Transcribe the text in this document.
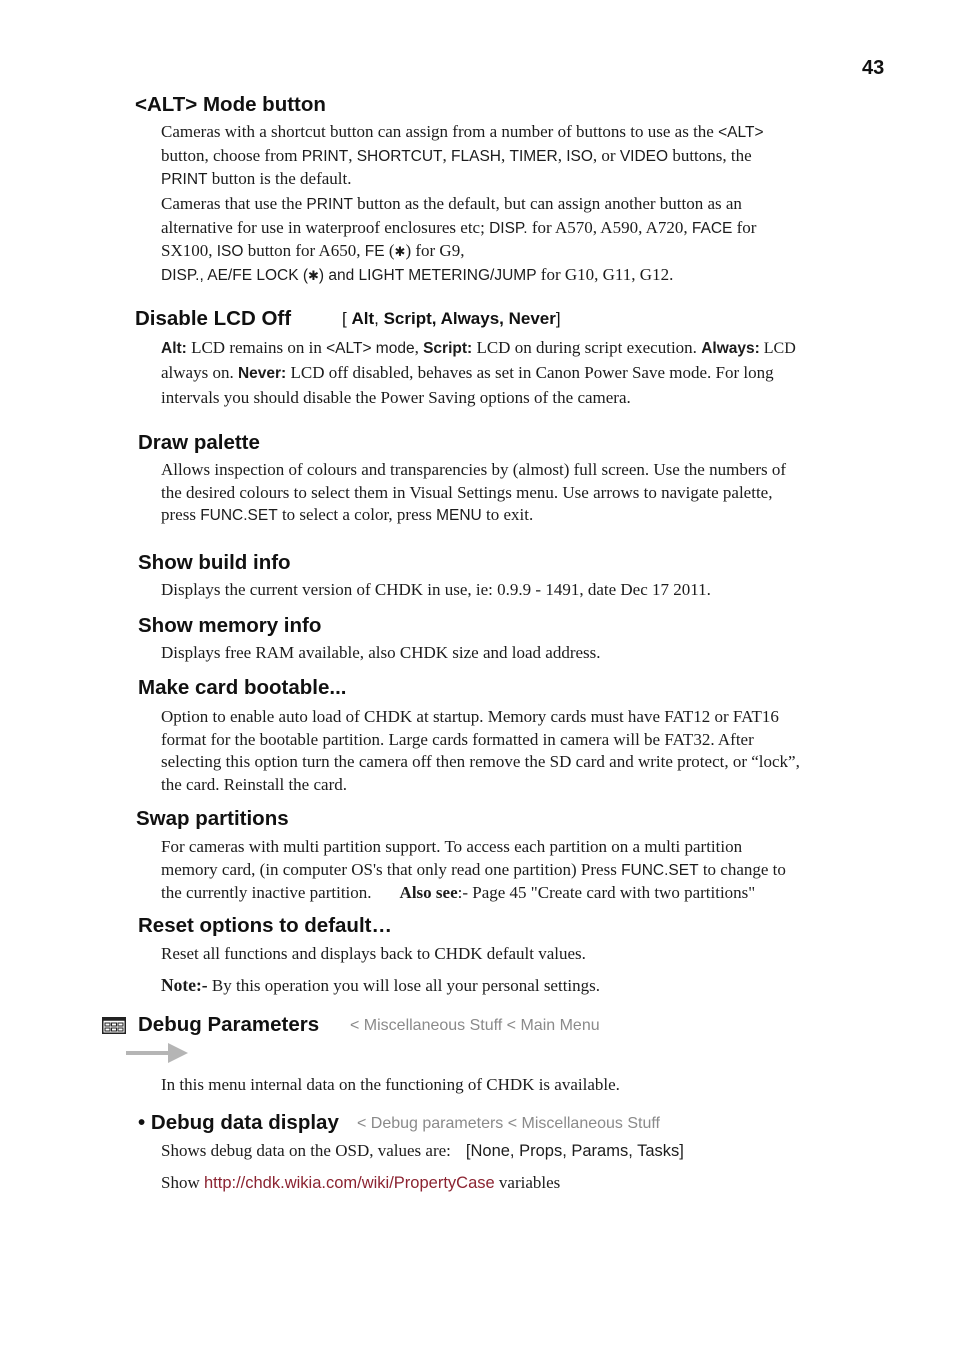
43
<ALT> Mode button
Cameras with a shortcut button can assign from a number of buttons to use as the <ALT>
button, choose from PRINT, SHORTCUT, FLASH, TIMER, ISO, or VIDEO buttons, the
PRINT button is the default.
Cameras that use the PRINT button as the default, but can assign another button as an
alternative for use in waterproof enclosures etc; DISP. for A570, A590, A720, FACE for
SX100, ISO button for A650, FE (✱) for G9,
DISP., AE/FE LOCK (✱) and LIGHT METERING/JUMP for G10, G11, G12.
Disable LCD Off	[ Alt, Script, Always, Never]
Alt: LCD remains on in <ALT> mode, Script: LCD on during script execution. Always: LCD
always on. Never: LCD off disabled, behaves as set in Canon Power Save mode. For long
intervals you should disable the Power Saving options of the camera.
Draw palette
Allows inspection of colours and transparencies by (almost) full screen. Use the numbers of
the desired colours to select them in Visual Settings menu. Use arrows to navigate palette,
press FUNC.SET to select a color, press MENU to exit.
Show build info
Displays the current version of CHDK in use, ie: 0.9.9 - 1491, date Dec 17 2011.
Show memory info
Displays free RAM available, also CHDK size and load address.
Make card bootable...
Option to enable auto load of CHDK at startup. Memory cards must have FAT12 or FAT16
format for the bootable partition. Large cards formatted in camera will be FAT32. After
selecting this option turn the camera off then remove the SD card and write protect, or “lock”,
the card. Reinstall the card.
Swap partitions
For cameras with multi partition support. To access each partition on a multi partition
memory card, (in computer OS's that only read one partition) Press FUNC.SET to change to
the currently inactive partition. Also see:- Page 45 "Create card with two partitions"
Reset options to default…
Reset all functions and displays back to CHDK default values.
Note:- By this operation you will lose all your personal settings.
Debug Parameters < Miscellaneous Stuff < Main Menu
In this menu internal data on the functioning of CHDK is available.
• Debug data display < Debug parameters < Miscellaneous Stuff
Shows debug data on the OSD, values are: [None, Props, Params, Tasks]
Show http://chdk.wikia.com/wiki/PropertyCase variables
